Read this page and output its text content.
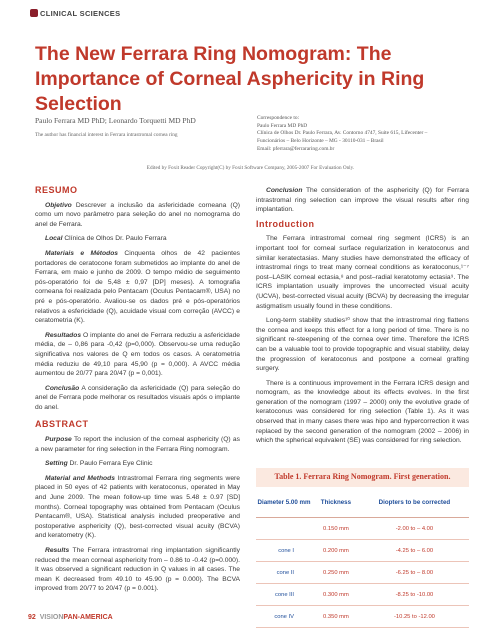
CLINICAL SCIENCES
The New Ferrara Ring Nomogram: The Importance of Corneal Asphericity in Ring Selection
Paulo Ferrara MD PhD; Leonardo Torquetti MD PhD
The author has financial interest in Ferrara intrastromal cornea ring
Correspondence to:
Paulo Ferrara MD PhD
Clínica de Olhos Dr. Paulo Ferrara, Av. Contorno 4747, Suite 615, Lifecenter –
Funcionários – Belo Horizonte – MG - 30110-031 – Brasil
Email: pferrara@ferrararing.com.br
Edited by Foxit Reader Copyright(C) by Foxit Software Company, 2005-2007 For Evaluation Only.
RESUMO

Objetivo Descrever a inclusão da asfericidade corneana (Q) como um novo parâmetro para seleção do anel no nomograma do anel de Ferrara.

Local Clínica de Olhos Dr. Paulo Ferrara

Materiais e Métodos Cinquenta olhos de 42 pacientes portadores de ceratocone foram submetidos ao implante do anel de Ferrara, em maio e junho de 2009. O tempo médio de seguimento pós-operatório foi de 5,48 ± 0,97 [DP] meses). A tomografia corneana foi realizada pelo Pentacam (Oculus Pentacam®, USA) no pré e pós-operatório. Avaliou-se os dados pré e pós-operatórios relativos a esfericidade (Q), acuidade visual com correção (AVCC) e ceratometria (K).

Resultados O implante do anel de Ferrara reduziu a asfericidade média, de – 0,86 para -0,42 (p=0,000). Observou-se uma redução significativa nos valores de Q em todos os casos. A ceratometria média reduziu de 49,10 para 45,90 (p = 0,000). A AVCC média aumentou de 20/77 para 20/47 (p = 0,001).

Conclusão A consideração da asfericidade (Q) para seleção do anel de Ferrara pode melhorar os resultados visuais após o implante do anel.

ABSTRACT

Purpose To report the inclusion of the corneal asphericity (Q) as a new parameter for ring selection in the Ferrara Ring nomogram.

Setting Dr. Paulo Ferrara Eye Clinic

Material and Methods Intrastromal Ferrara ring segments were placed in 50 eyes of 42 patients with keratoconus, operated in May and June 2009. The mean follow-up time was 5.48 ± 0.97 [SD] months). Corneal topography was obtained from Pentacam (Oculus Pentacam®, USA). Statistical analysis included preoperative and postoperative asphericity (Q), best-corrected visual acuity (BCVA) and keratometry (K).

Results The Ferrara intrastromal ring implantation significantly reduced the mean corneal asphericity from – 0.86 to -0.42 (p=0.000). It was observed a significant reduction in Q values in all cases. The mean K decreased from 49.10 to 45.90 (p = 0.000). The BCVA improved from 20/77 to 20/47 (p = 0.001).

Conclusion The consideration of the asphericity (Q) for Ferrara intrastromal ring selection can improve the visual results after ring implantation.

Introduction

The Ferrara intrastromal corneal ring segment (ICRS) is an important tool for corneal surface regularization in keratoconus and similar keratectasias. Many studies have demonstrated the efficacy of intrastromal rings to treat many corneal conditions as keratoconus,¹⁻⁷ post–LASIK corneal ectasia,⁸ and post–radial keratotomy ectasia⁹. The ICRS implantation usually improves the uncorrected visual acuity (UCVA), best-corrected visual acuity (BCVA) by decreasing the irregular astigmatism usually found in these conditions.

Long-term stability studies¹⁰ show that the intrastromal ring flattens the cornea and keeps this effect for a long period of time. There is no significant re-steepening of the cornea over time. Therefore the ICRS can be a valuable tool to provide topographic and visual stability, delay the progression of keratoconus and postpone a corneal grafting surgery.

There is a continuous improvement in the Ferrara ICRS design and nomogram, as the knowledge about its effects evolves. In the first generation of the nomogram (1997 – 2000) only the evolutive grade of keratoconus was considered for ring selection (Table 1). As it was observed that in many cases there was hipo and hypercorrection it was replaced by the second generation of the nomogram (2002 – 2006) in which the spherical equivalent (SE) was considered for ring selection.

Table 1. Ferrara Ring Nomogram. First generation.
Diameter 5.00 mm	Thickness	Diopters to be corrected
	0.150 mm	-2.00 to – 4.00
cone I	0.200 mm	-4.25 to – 6.00
cone II	0.250 mm	-6.25 to – 8.00
cone III	0.300 mm	-8.25 to -10.00
cone IV	0.350 mm	-10.25 to -12.00
92 VISIONPAN-AMERICA
